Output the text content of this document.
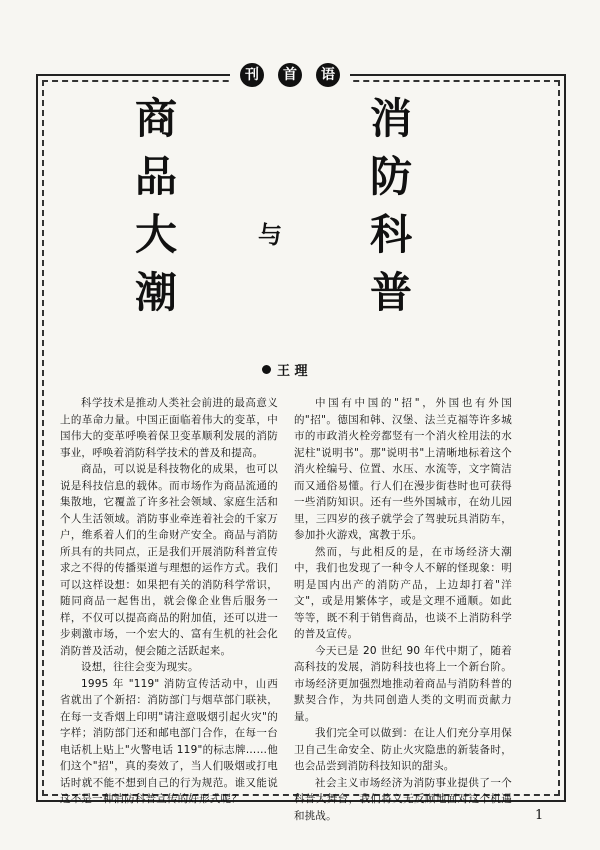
刊	首	语
商
品
大
潮
与
消
防
科
普
王 理

科学技术是推动人类社会前进的最高意义上的革命力量。中国正面临着伟大的变革，中国伟大的变革呼唤着保卫变革顺利发展的消防事业，呼唤着消防科学技术的普及和提高。

商品，可以说是科技物化的成果，也可以说是科技信息的载体。而市场作为商品流通的集散地，它覆盖了许多社会领域、家庭生活和个人生活领域。消防事业牵连着社会的千家万户，维系着人们的生命财产安全。商品与消防所具有的共同点，正是我们开展消防科普宣传求之不得的传播渠道与理想的运作方式。我们可以这样设想：如果把有关的消防科学常识，随同商品一起售出，就会像企业售后服务一样，不仅可以提高商品的附加值，还可以进一步刺激市场，一个宏大的、富有生机的社会化消防普及活动，便会随之活跃起来。

设想，往往会变为现实。

1995 年 "119" 消防宣传活动中，山西省就出了个新招：消防部门与烟草部门联袂，在每一支香烟上印明"请注意吸烟引起火灾"的字样；消防部门还和邮电部门合作，在每一台电话机上贴上"火警电话 119"的标志牌……他们这个"招"，真的奏效了，当人们吸烟或打电话时就不能不想到自己的行为规范。谁又能说这不是一种消防科普宣传的好形式呢？

中国有中国的"招"，外国也有外国的"招"。德国和韩、汉堡、法兰克福等许多城市的市政消火栓旁都竖有一个消火栓用法的水泥柱"说明书"。那"说明书"上清晰地标着这个消火栓编号、位置、水压、水流等，文字简洁而又通俗易懂。行人们在漫步街巷时也可获得一些消防知识。还有一些外国城市，在幼儿园里，三四岁的孩子就学会了驾驶玩具消防车，参加扑火游戏，寓教于乐。

然而，与此相反的是，在市场经济大潮中，我们也发现了一种令人不解的怪现象：明明是国内出产的消防产品，上边却打着"洋文"，或是用繁体字，或是文理不通顺。如此等等，既不利于销售商品，也谈不上消防科学的普及宣传。

今天已是 20 世纪 90 年代中期了，随着高科技的发展，消防科技也将上一个新台阶。市场经济更加强烈地推动着商品与消防科普的默契合作，为共同创造人类的文明而贡献力量。

我们完全可以做到：在让人们充分享用保卫自己生命安全、防止火灾隐患的新装备时，也会品尝到消防科技知识的甜头。

社会主义市场经济为消防事业提供了一个科普大舞台，我们将义无反顾地面对这个机遇和挑战。	1
